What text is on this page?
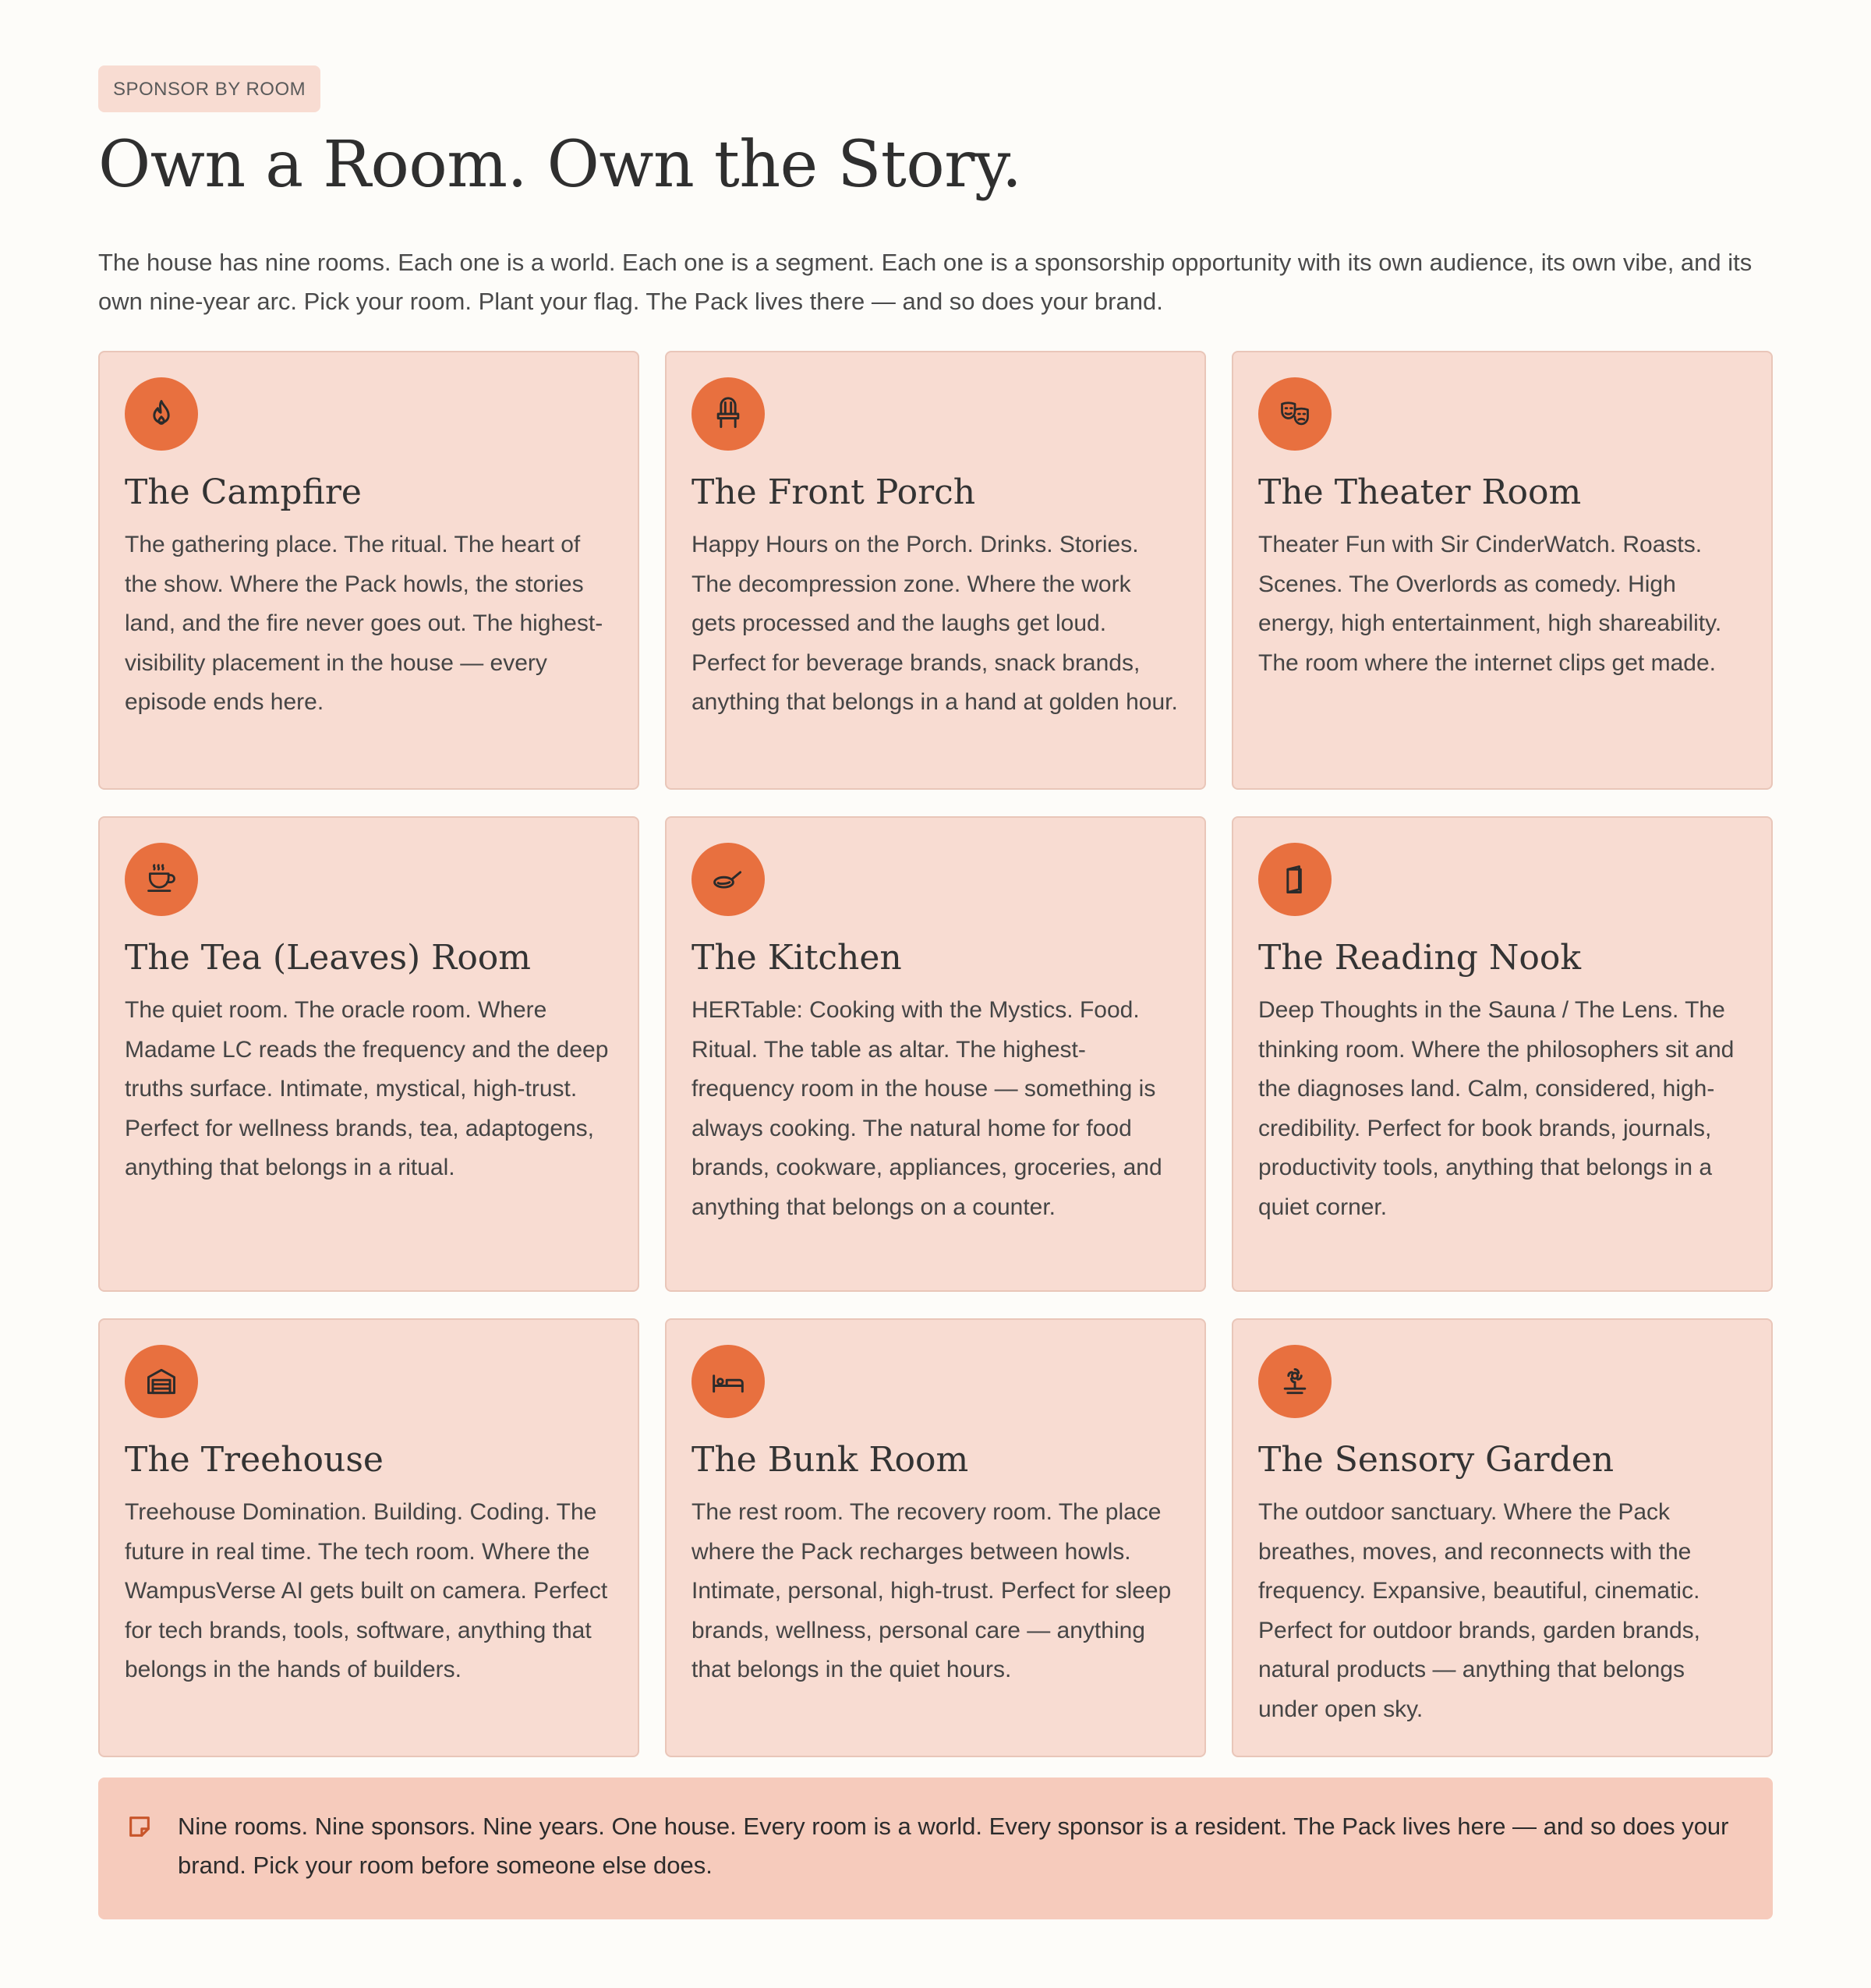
SPONSOR BY ROOM
Own a Room. Own the Story.

The house has nine rooms. Each one is a world. Each one is a segment. Each one is a sponsorship opportunity with its own audience, its own vibe, and its own nine-year arc. Pick your room. Plant your flag. The Pack lives there — and so does your brand.

The Campfire

The gathering place. The ritual. The heart of the show. Where the Pack howls, the stories land, and the fire never goes out. The highest-visibility placement in the house — every episode ends here.

The Front Porch

Happy Hours on the Porch. Drinks. Stories. The decompression zone. Where the work gets processed and the laughs get loud. Perfect for beverage brands, snack brands, anything that belongs in a hand at golden hour.

The Theater Room

Theater Fun with Sir CinderWatch. Roasts. Scenes. The Overlords as comedy. High energy, high entertainment, high shareability. The room where the internet clips get made.

The Tea (Leaves) Room

The quiet room. The oracle room. Where Madame LC reads the frequency and the deep truths surface. Intimate, mystical, high-trust. Perfect for wellness brands, tea, adaptogens, anything that belongs in a ritual.

The Kitchen

HERTable: Cooking with the Mystics. Food. Ritual. The table as altar. The highest-frequency room in the house — something is always cooking. The natural home for food brands, cookware, appliances, groceries, and anything that belongs on a counter.

The Reading Nook

Deep Thoughts in the Sauna / The Lens. The thinking room. Where the philosophers sit and the diagnoses land. Calm, considered, high-credibility. Perfect for book brands, journals, productivity tools, anything that belongs in a quiet corner.

The Treehouse

Treehouse Domination. Building. Coding. The future in real time. The tech room. Where the WampusVerse AI gets built on camera. Perfect for tech brands, tools, software, anything that belongs in the hands of builders.

The Bunk Room

The rest room. The recovery room. The place where the Pack recharges between howls. Intimate, personal, high-trust. Perfect for sleep brands, wellness, personal care — anything that belongs in the quiet hours.

The Sensory Garden

The outdoor sanctuary. Where the Pack breathes, moves, and reconnects with the frequency. Expansive, beautiful, cinematic. Perfect for outdoor brands, garden brands, natural products — anything that belongs under open sky.

Nine rooms. Nine sponsors. Nine years. One house. Every room is a world. Every sponsor is a resident. The Pack lives here — and so does your brand. Pick your room before someone else does.
